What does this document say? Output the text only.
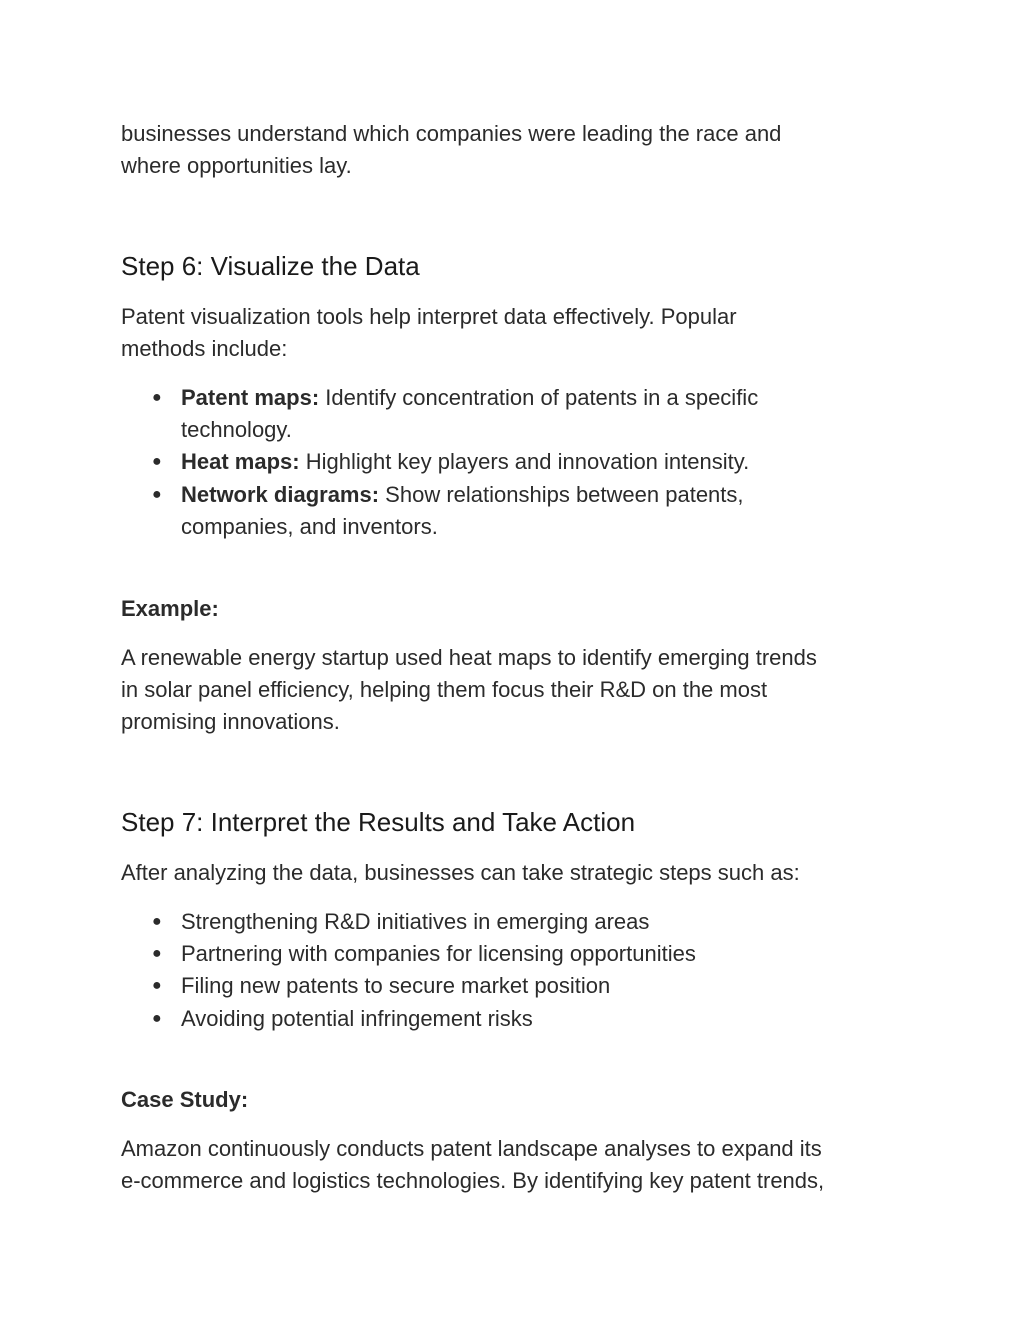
businesses understand which companies were leading the race and
where opportunities lay.
Step 6: Visualize the Data
Patent visualization tools help interpret data effectively. Popular
methods include:
● Patent maps: Identify concentration of patents in a specific
technology.
● Heat maps: Highlight key players and innovation intensity.
● Network diagrams: Show relationships between patents,
companies, and inventors.
Example:
A renewable energy startup used heat maps to identify emerging trends
in solar panel efficiency, helping them focus their R&D on the most
promising innovations.
Step 7: Interpret the Results and Take Action
After analyzing the data, businesses can take strategic steps such as:
● Strengthening R&D initiatives in emerging areas
● Partnering with companies for licensing opportunities
● Filing new patents to secure market position
● Avoiding potential infringement risks
Case Study:
Amazon continuously conducts patent landscape analyses to expand its
e-commerce and logistics technologies. By identifying key patent trends,
